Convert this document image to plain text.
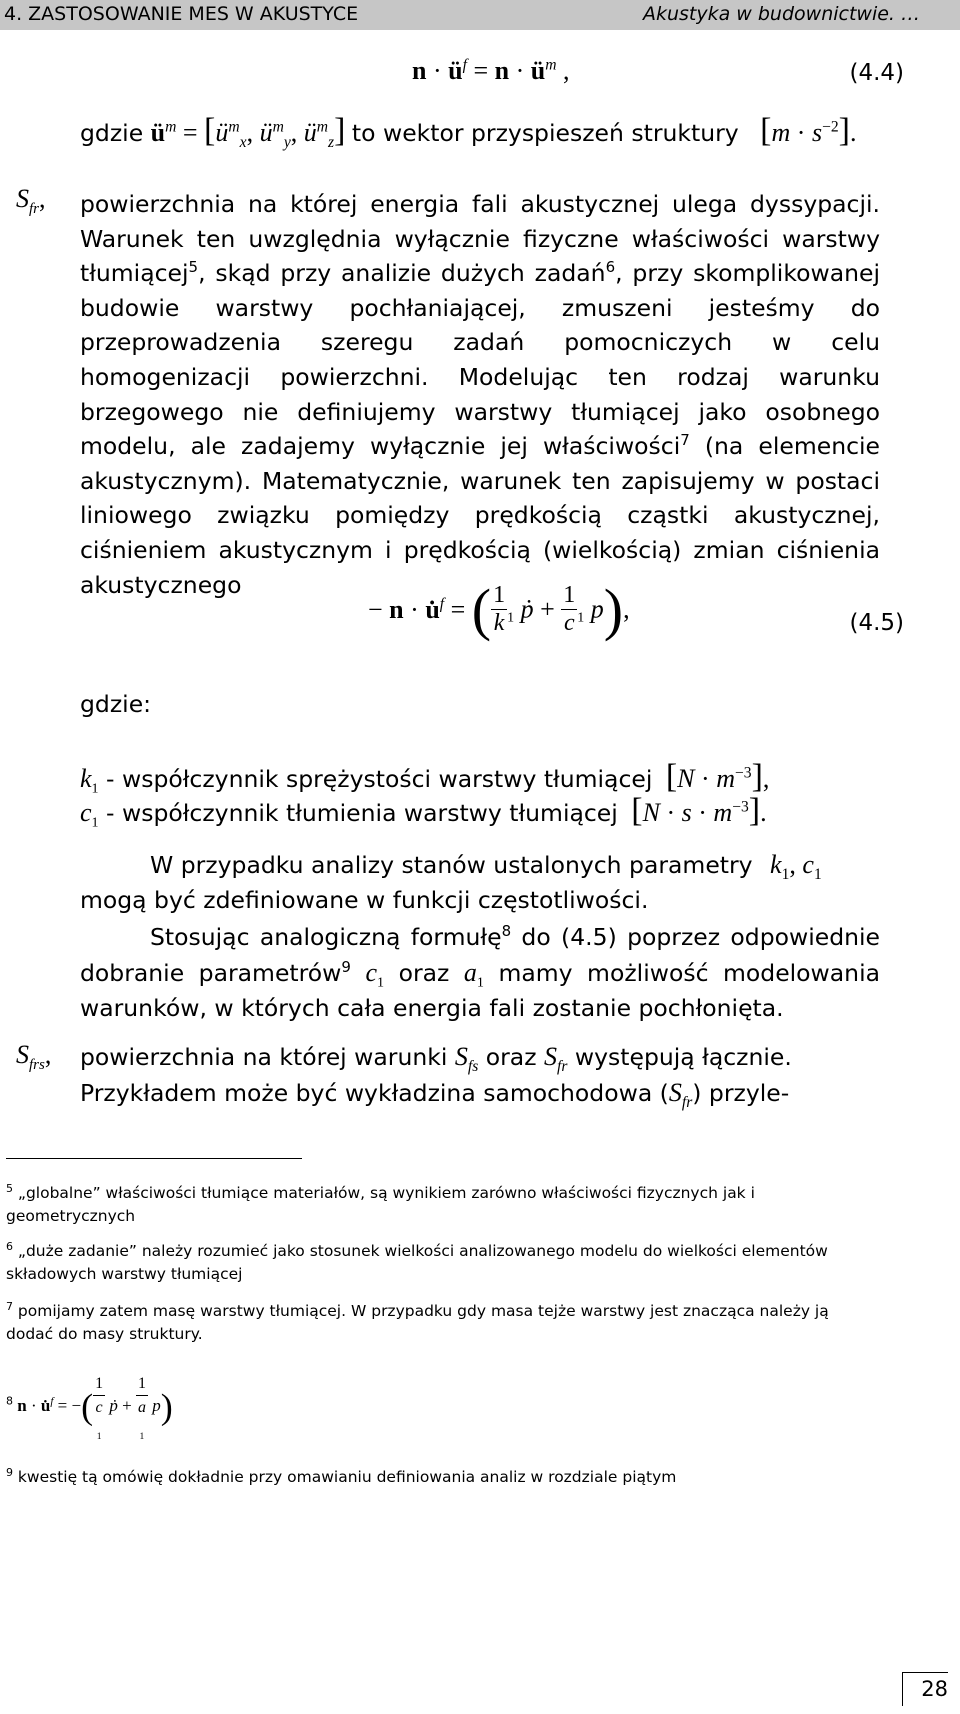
4. ZASTOSOWANIE MES W AKUSTYCE	Akustyka w budownictwie. …
$n \cdot ü^f = n$ · $ü^m$ ,	(4.4)
gdzie $ü^m$ = [$ü^m_x$, $ü^m_y$, $ü^m_z$] to wektor przyspieszeń struktury $[m \cdot s^{-2}]$.
$S_{fr}$, powierzchnia na której energia fali akustycznej ulega dyssypacji. Warunek ten uwzględnia wyłącznie fizyczne właściwości warstwy tłumiącej$^5$, skąd przy analizie dużych zadań$^6$, przy skomplikowanej budowie warstwy pochłaniającej, zmuszeni jesteśmy do przeprowadzenia szeregu zadań pomocniczych w celu homogenizacji powierzchni. Modelując ten rodzaj warunku brzegowego nie definiujemy warstwy tłumiącej jako osobnego modelu, ale zadajemy wyłącznie jej właściwości$^7$ (na elemencie akustycznym). Matematycznie, warunek ten zapisujemy w postaci liniowego związku pomiędzy prędkością cząstki akustycznej, ciśnieniem akustycznym i prędkością (wielkością) zmian ciśnienia akustycznego
− n · u̇$^f$ = ( $\frac{1}{k} _1$ ṗ + $\frac{1}{c} _1$ p),	(4.5)
gdzie:
$k_1$ - współczynnik sprężystości warstwy tłumiącej $[N \cdot m^{-3}]$,
$c_1$ - współczynnik tłumienia warstwy tłumiącej $[N \cdot s \cdot m^{-3}]$.
W przypadku analizy stanów ustalonych parametry $k_1$, $c_1$
mogą być zdefiniowane w funkcji częstotliwości.
Stosując analogiczną formułę$^8$ do (4.5) poprzez odpowiednie dobranie parametrów$^9$ $c_1$ oraz $a_1$ mamy możliwość modelowania warunków, w których cała energia fali zostanie pochłonięta.
$S_{frs}$, powierzchnia na której warunki $S_{fs}$ oraz $S_{fr}$ występują łącznie.
Przykładem może być wykładzina samochodowa $(S_{fr})$ przyle-
$^5$ „globalne” właściwości tłumiące materiałów, są wynikiem zarówno właściwości fizycznych jak i geometrycznych
$^6$ „duże zadanie” należy rozumieć jako stosunek wielkości analizowanego modelu do wielkości elementów składowych warstwy tłumiącej
$^7$ pomijamy zatem masę warstwy tłumiącej. W przypadku gdy masa tejże warstwy jest znacząca należy ją dodać do masy struktury.
$^8$ n · u̇$^f$ = −( 1
c
$_1$ ṗ + 1
a
$_1$ p)
$^9$ kwestię tą omówię dokładnie przy omawianiu definiowania analiz w rozdziale piątym
28
